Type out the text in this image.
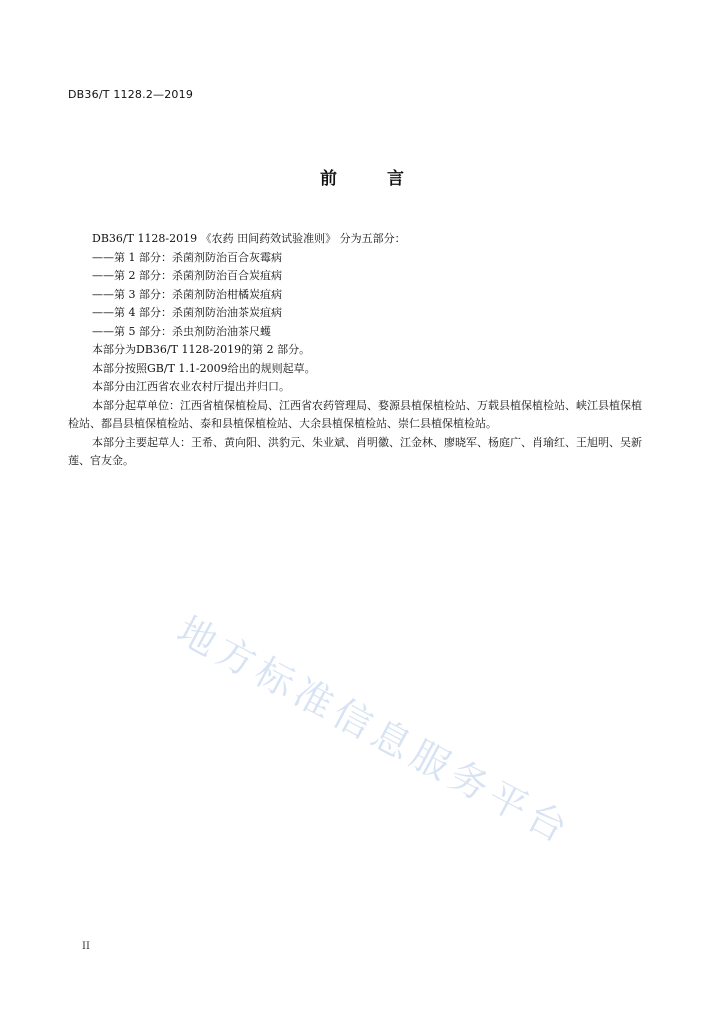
DB36/T 1128.2—2019
前 言

DB36/T 1128-2019 《农药 田间药效试验准则》 分为五部分：

——第 1 部分：杀菌剂防治百合灰霉病

——第 2 部分：杀菌剂防治百合炭疽病

——第 3 部分：杀菌剂防治柑橘炭疽病

——第 4 部分：杀菌剂防治油茶炭疽病

——第 5 部分：杀虫剂防治油茶尺蠖

本部分为DB36/T 1128-2019的第 2 部分。

本部分按照GB/T 1.1-2009给出的规则起草。

本部分由江西省农业农村厅提出并归口。

本部分起草单位：江西省植保植检局、江西省农药管理局、婺源县植保植检站、万载县植保植检站、峡江县植保植检站、都昌县植保植检站、泰和县植保植检站、大余县植保植检站、崇仁县植保植检站。

本部分主要起草人：王希、黄向阳、洪豹元、朱业斌、肖明徽、江金林、廖晓军、杨庭广、肖瑜红、王旭明、吴新莲、官友金。

地方标准信息服务平台
II
